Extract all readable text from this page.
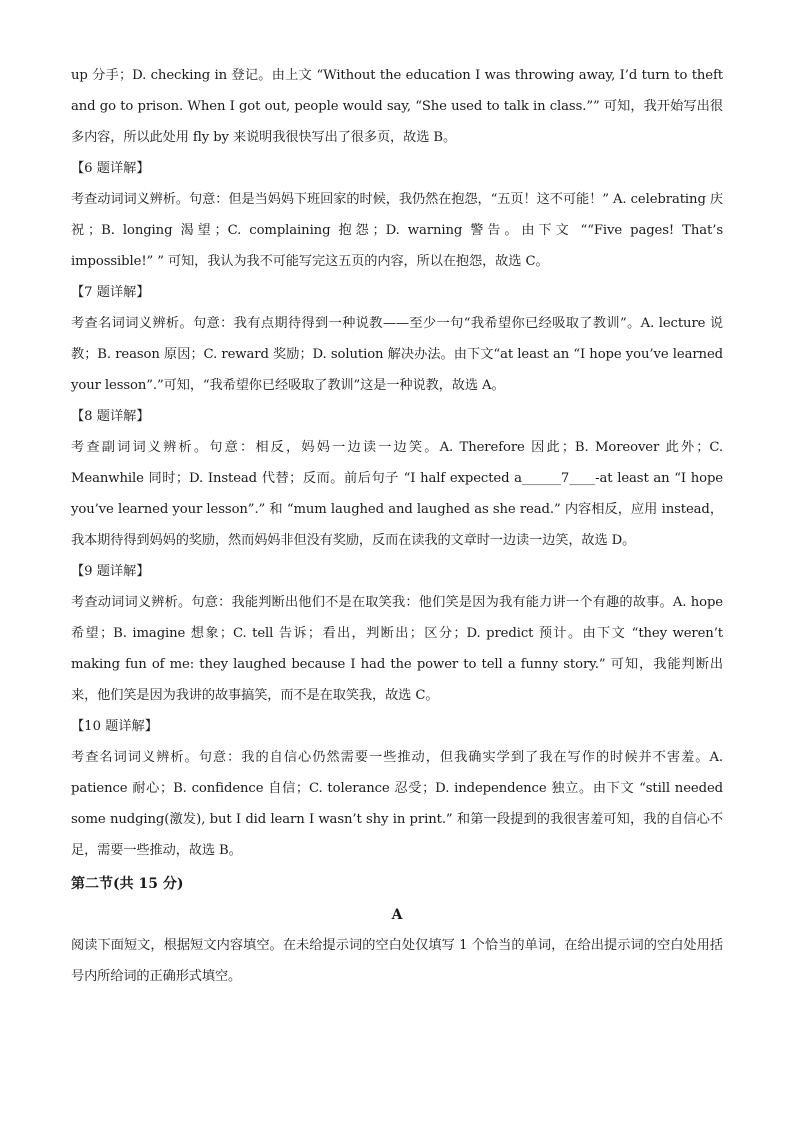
up 分手；D. checking in 登记。由上文 “Without the education I was throwing away, I’d turn to theft and go to prison. When I got out, people would say, “She used to talk in class.”” 可知，我开始写出很多内容，所以此处用 fly by 来说明我很快写出了很多页，故选 B。

【6 题详解】

考查动词词义辨析。句意：但是当妈妈下班回家的时候，我仍然在抱怨，“五页！这不可能！” A. celebrating 庆祝；B. longing 渴望；C. complaining 抱怨；D. warning 警告。由下文 ““Five pages! That’s impossible!” ” 可知，我认为我不可能写完这五页的内容，所以在抱怨，故选 C。

【7 题详解】

考查名词词义辨析。句意：我有点期待得到一种说教——至少一句“我希望你已经吸取了教训”。A. lecture 说教；B. reason 原因；C. reward 奖励；D. solution 解决办法。由下文“at least an “I hope you’ve learned your lesson”.”可知，“我希望你已经吸取了教训”这是一种说教，故选 A。

【8 题详解】

考查副词词义辨析。句意：相反，妈妈一边读一边笑。A. Therefore 因此；B. Moreover 此外；C. Meanwhile 同时；D. Instead 代替；反而。前后句子 “I half expected a______7____-at least an “I hope you’ve learned your lesson”.” 和 “mum laughed and laughed as she read.” 内容相反，应用 instead，我本期待得到妈妈的奖励，然而妈妈非但没有奖励，反而在读我的文章时一边读一边笑，故选 D。

【9 题详解】

考查动词词义辨析。句意：我能判断出他们不是在取笑我：他们笑是因为我有能力讲一个有趣的故事。A. hope 希望；B. imagine 想象；C. tell 告诉；看出，判断出；区分；D. predict 预计。由下文 “they weren’t making fun of me: they laughed because I had the power to tell a funny story.” 可知，我能判断出来，他们笑是因为我讲的故事搞笑，而不是在取笑我，故选 C。

【10 题详解】

考查名词词义辨析。句意：我的自信心仍然需要一些推动，但我确实学到了我在写作的时候并不害羞。A. patience 耐心；B. confidence 自信；C. tolerance 忍受；D. independence 独立。由下文 “still needed some nudging(激发), but I did learn I wasn’t shy in print.” 和第一段提到的我很害羞可知，我的自信心不足，需要一些推动，故选 B。

第二节(共 15 分)

A

阅读下面短文，根据短文内容填空。在未给提示词的空白处仅填写 1 个恰当的单词，在给出提示词的空白处用括号内所给词的正确形式填空。
